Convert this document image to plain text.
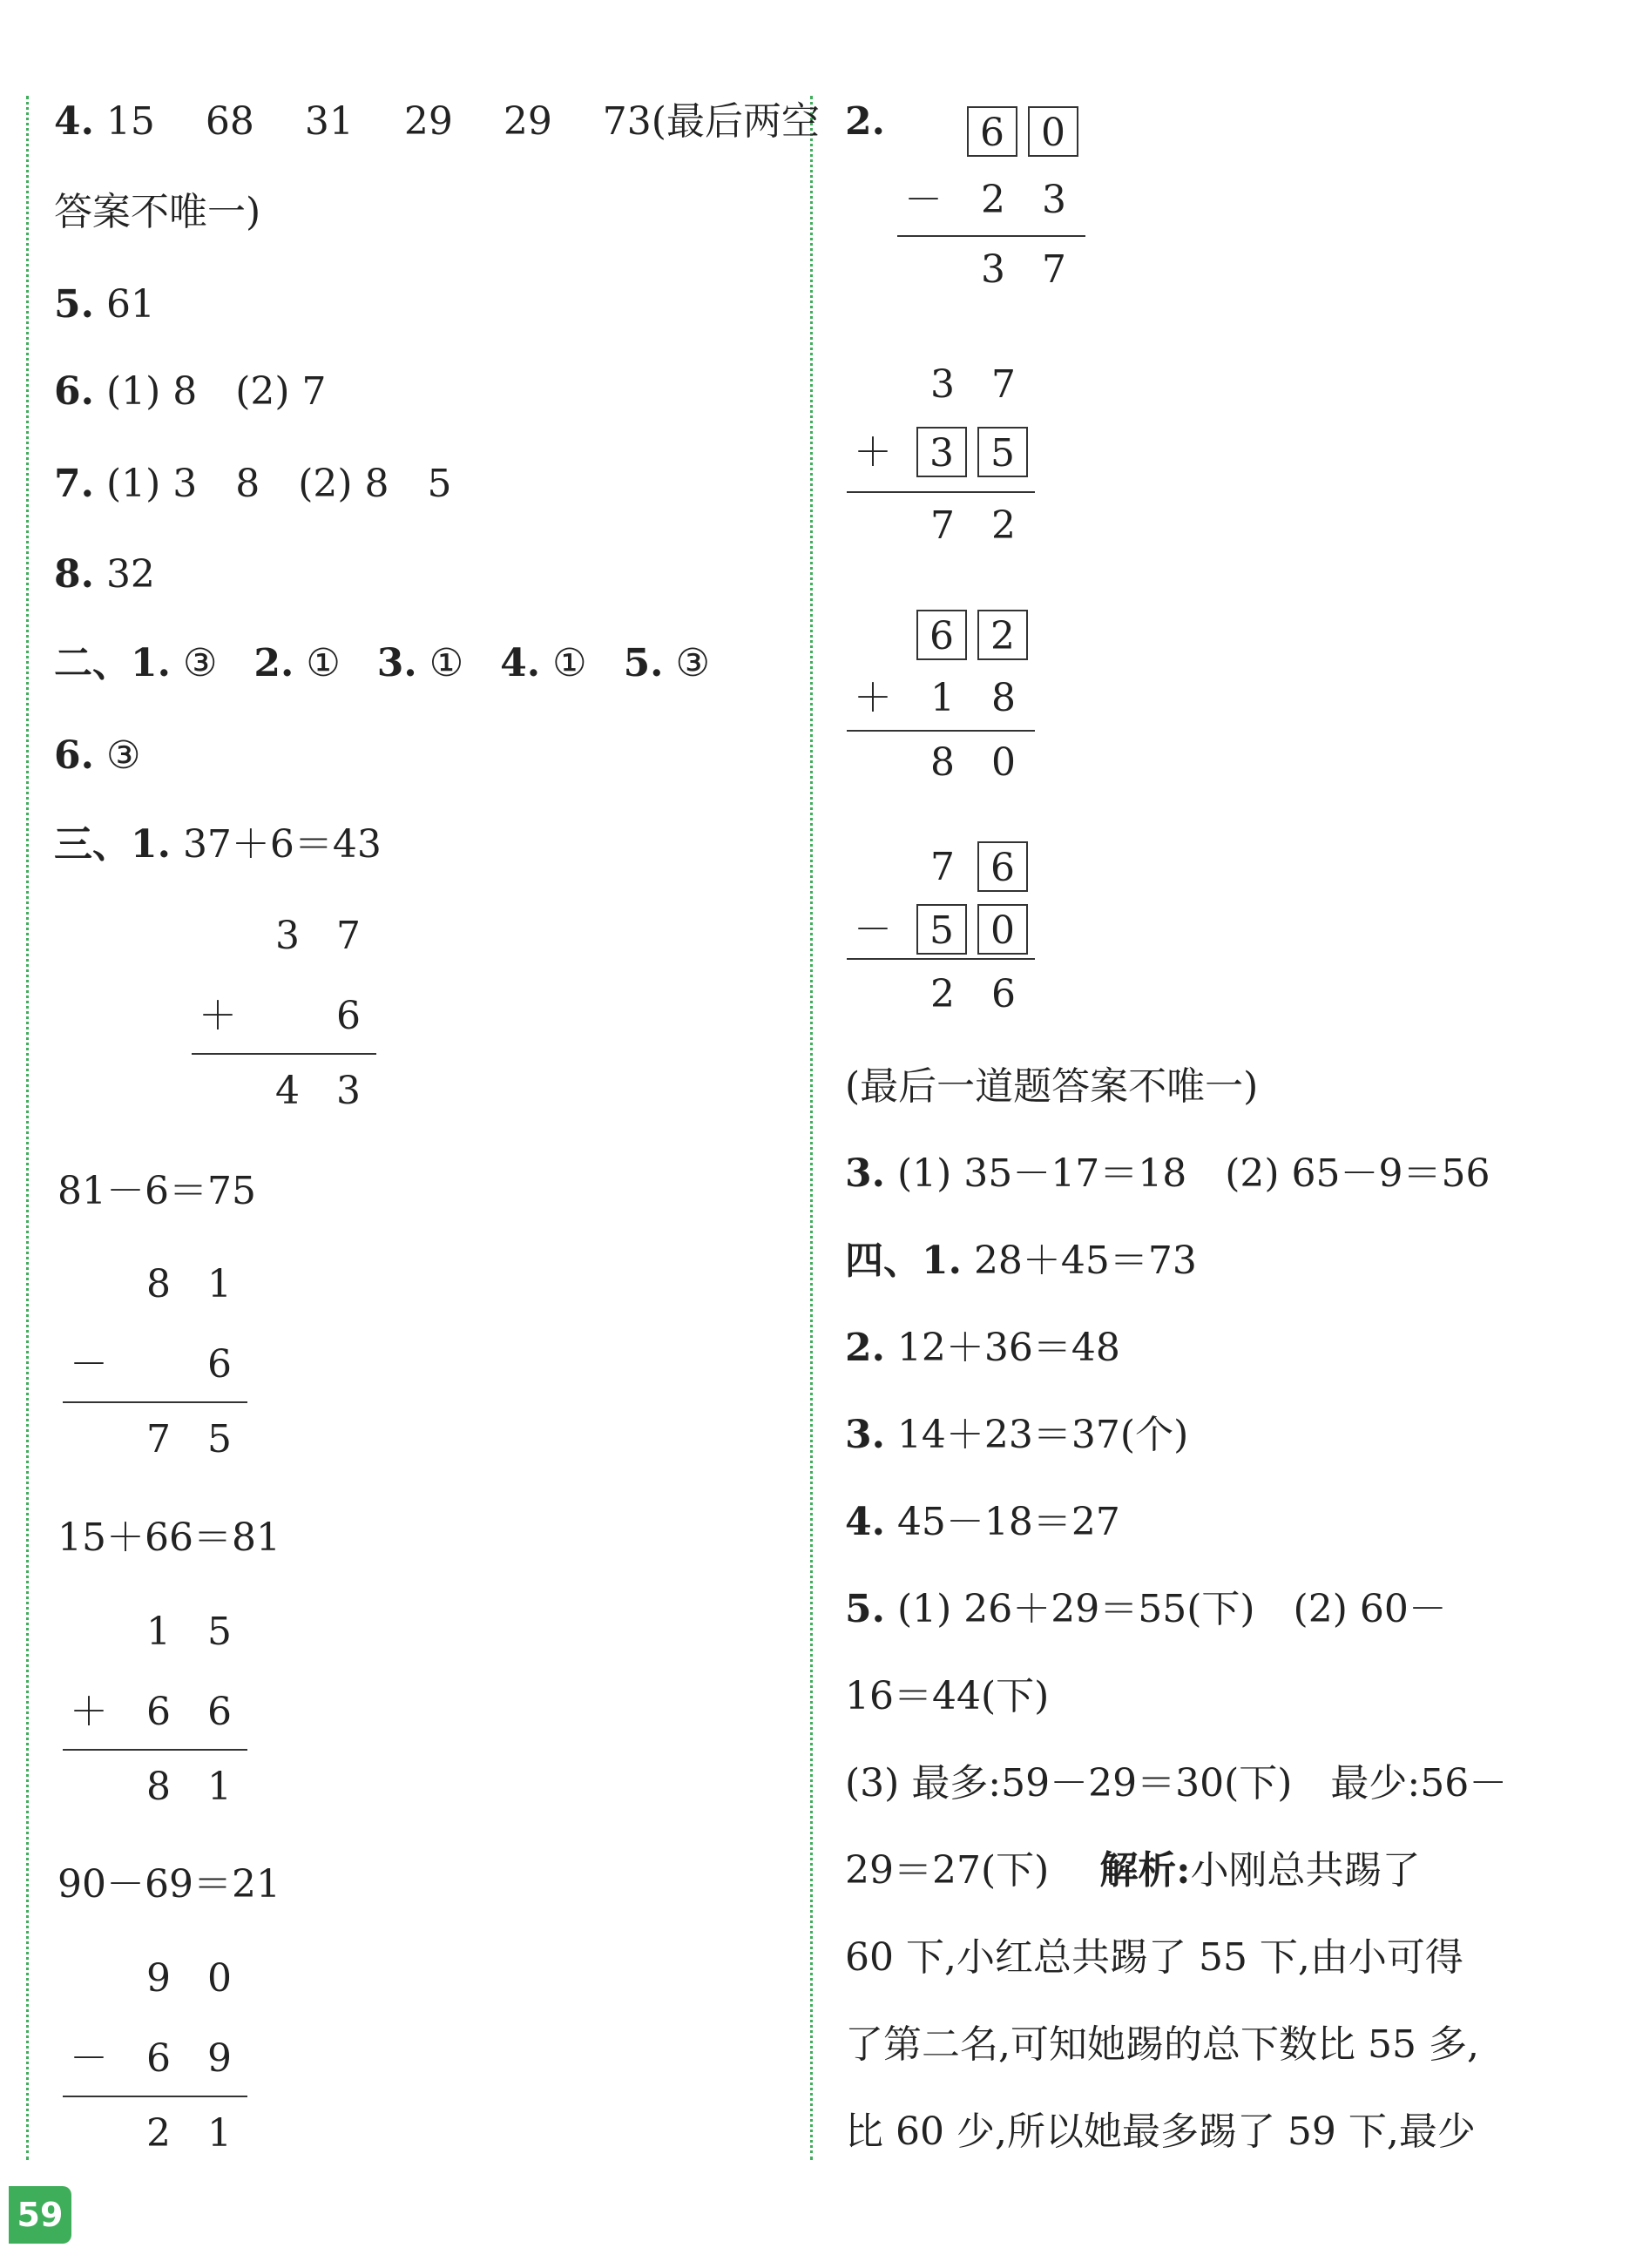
4. 15　 68　 31　 29　 29　 73(最后两空
答案不唯一)
5. 61
6. (1) 8　(2) 7
7. (1) 3　8　(2) 8　5
8. 32
二、1. ③ 2. ① 3. ① 4. ① 5. ③
6. ③
三、1. 37＋6＝43
3 7
＋	6
4 3
81－6＝75
8 1
－	6
7 5
15＋66＝81
1 5
＋	6 6
8 1
90－69＝21
9 0
－	6 9
2 1
2.	6 0
－	2 3
3 7
3 7
＋ 3 5
7 2
6 2
＋	1 8
8 0
7 6
－ 5 0
2 6
(最后一道题答案不唯一)
3. (1) 35－17＝18　(2) 65－9＝56
四、1. 28＋45＝73
2. 12＋36＝48
3. 14＋23＝37(个)
4. 45－18＝27
5. (1) 26＋29＝55(下)　(2) 60－
16＝44(下)
(3) 最多:59－29＝30(下)　最少:56－
29＝27(下)　 解析:小刚总共踢了
60 下,小红总共踢了 55 下,由小可得
了第二名,可知她踢的总下数比 55 多,
比 60 少,所以她最多踢了 59 下,最少
59
